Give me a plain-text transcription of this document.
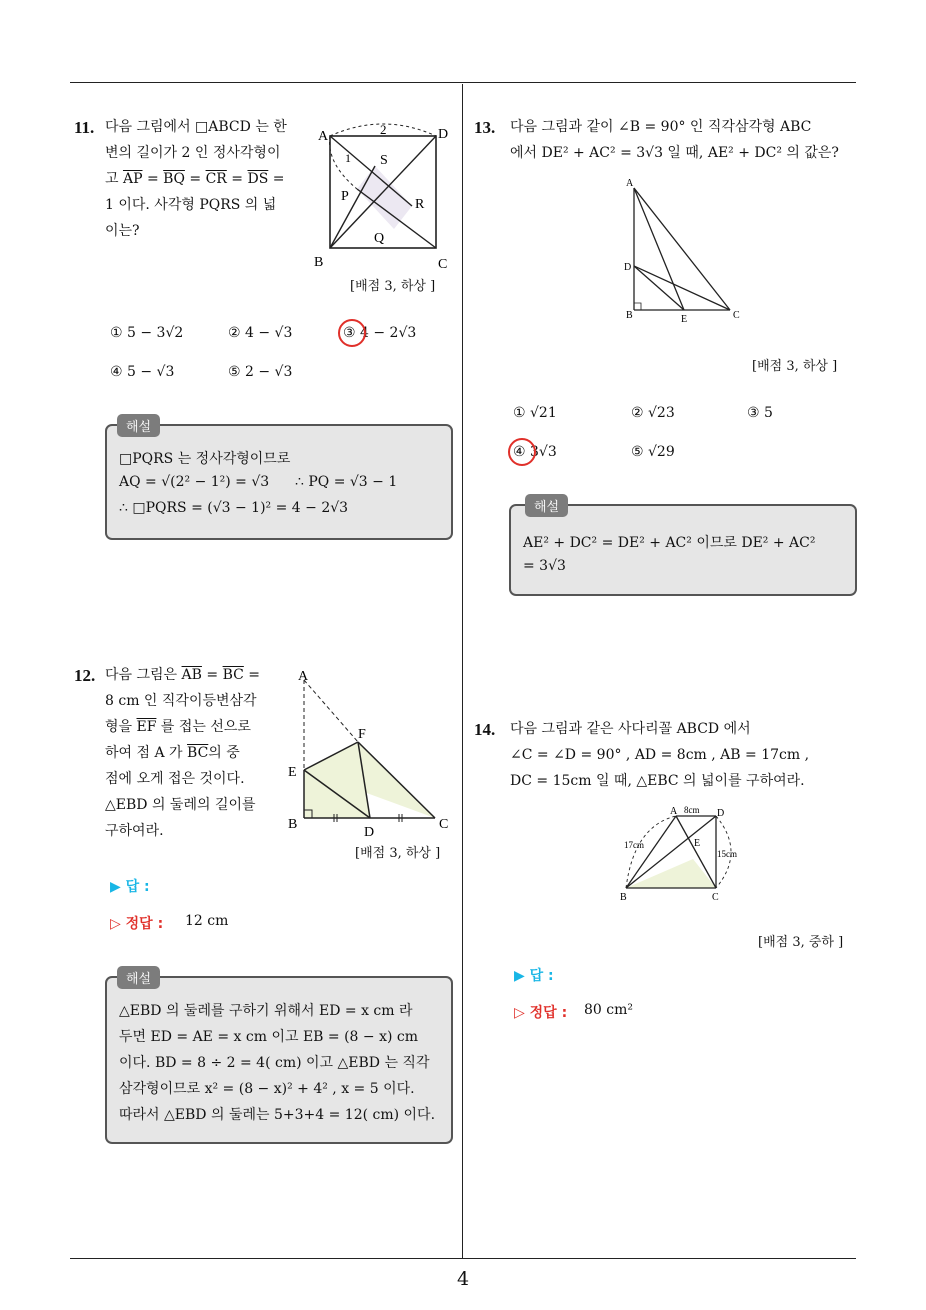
11. 다음 그림에서 □ABCD 는 한
변의 길이가 2 인 정사각형이
고 $\overline{AP} = \overline{BQ} = \overline{CR} = \overline{DS}$ =
1 이다. 사각형 PQRS 의 넓
이는?
A	D
B	C
P
S
R
Q
2
1
[배점 3, 하상 ]
① 5 − 3√2	② 4 − √3	③ 4 − 2√3
④ 5 − √3	⑤ 2 − √3
해설
□PQRS 는 정사각형이므로
AQ = √(2² − 1²) = √3 ∴ PQ = √3 − 1
∴ □PQRS = (√3 − 1)² = 4 − 2√3
12. 다음 그림은 $\overline{AB} = \overline{BC}$ =
8 cm 인 직각이등변삼각
형을 $\overline{EF}$ 를 접는 선으로
하여 점 A 가 $\overline{BC}$의 중
점에 오게 접은 것이다.
△EBD 의 둘레의 길이를
구하여라.
A
E
F
B
D
C
[배점 3, 하상 ]
▶ 답 :
▷ 정답 : 12 cm
해설
△EBD 의 둘레를 구하기 위해서 ED = x cm 라
두면 ED = AE = x cm 이고 EB = (8 − x) cm
이다. BD = 8 ÷ 2 = 4( cm) 이고 △EBD 는 직각
삼각형이므로 x² = (8 − x)² + 4² , x = 5 이다.
따라서 △EBD 의 둘레는 5+3+4 = 12( cm) 이다.
13. 다음 그림과 같이 ∠B = 90° 인 직각삼각형 ABC
에서 DE² + AC² = 3√3 일 때, AE² + DC² 의 값은?
A
D
B	E	C
[배점 3, 하상 ]
① √21	② √23	③ 5
④ 3√3	⑤ √29
해설
AE² + DC² = DE² + AC² 이므로 DE² + AC²
= 3√3
14. 다음 그림과 같은 사다리꼴 ABCD 에서
∠C = ∠D = 90° , AD = 8cm , AB = 17cm ,
DC = 15cm 일 때, △EBC 의 넓이를 구하여라.
A	D
B	C
E
8cm
17cm
15cm
[배점 3, 중하 ]
▶ 답 :
▷ 정답 : 80 cm²
4
